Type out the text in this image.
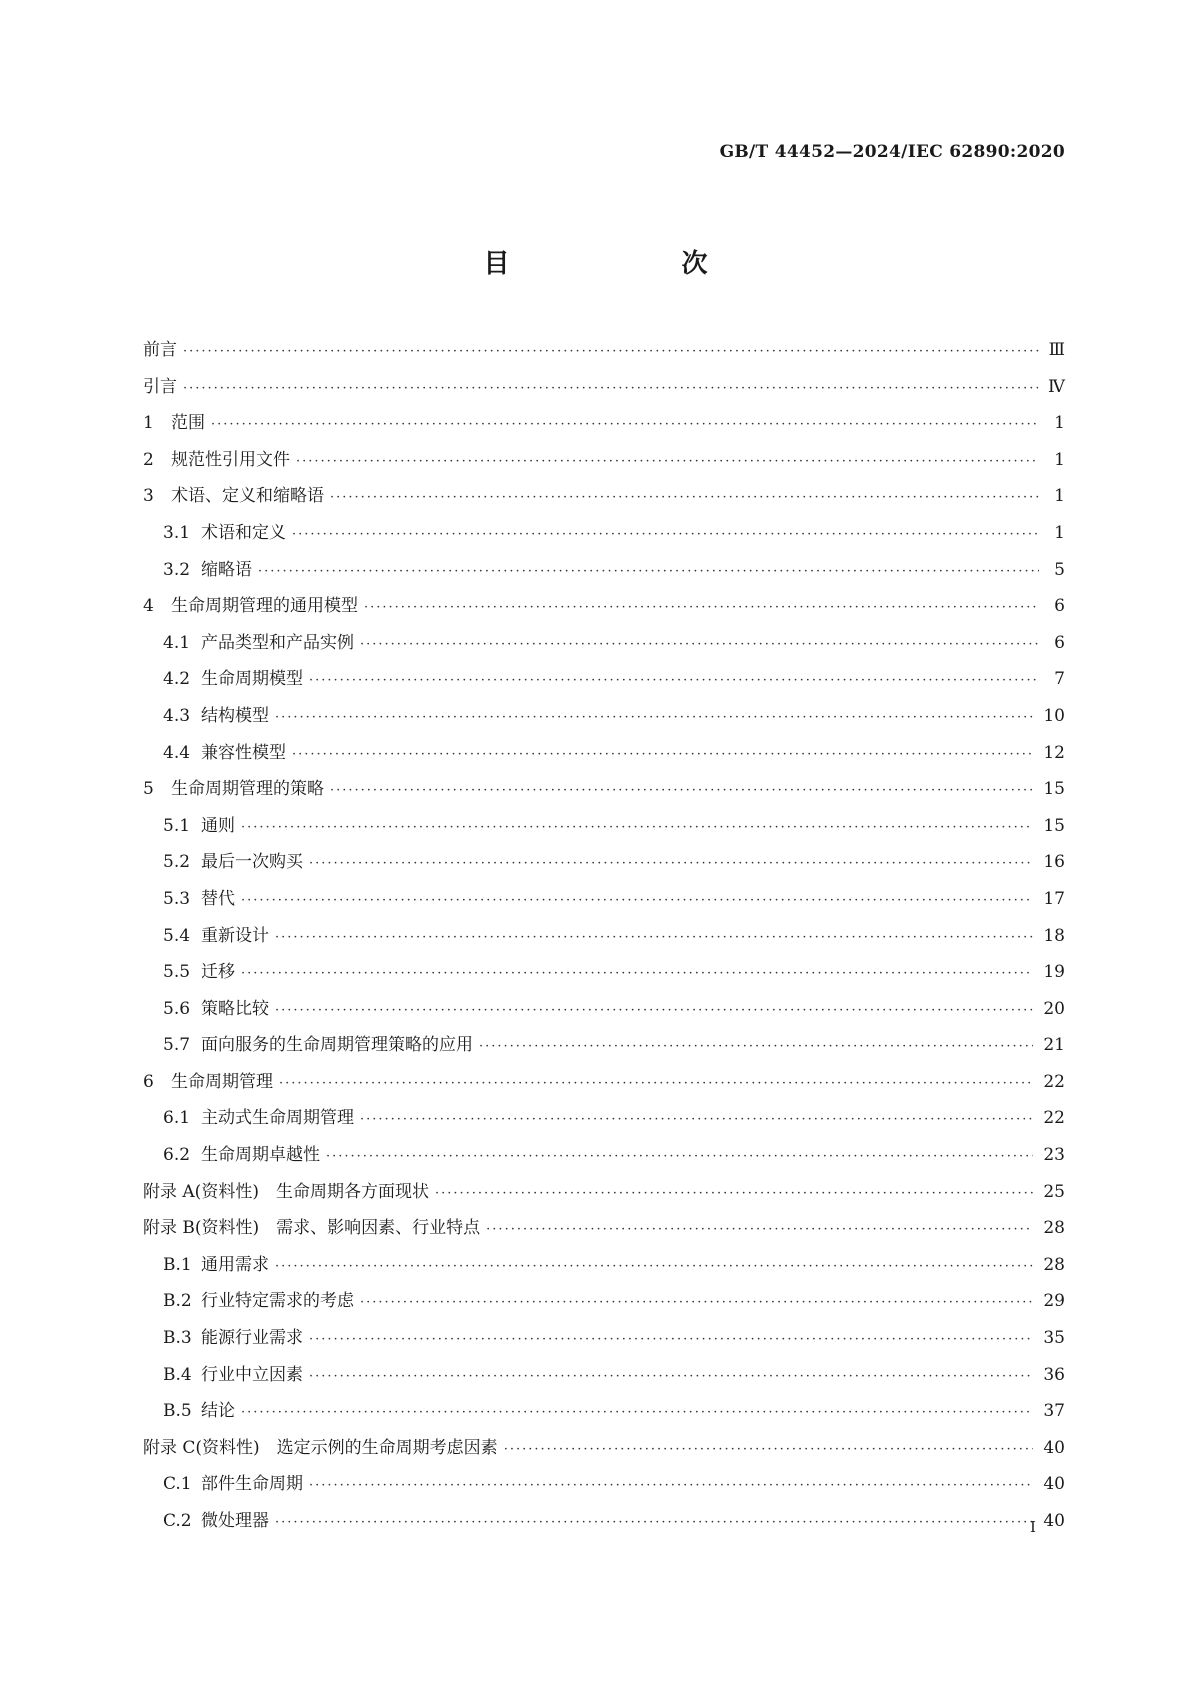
GB/T 44452—2024/IEC 62890:2020

目　　次
前言 ·····	Ⅲ
引言 ·····	Ⅳ
1	范围 ·····	1
2	规范性引用文件 ·····	1
3	术语、定义和缩略语 ·····	1
3.1 术语和定义 ·····	1
3.2 缩略语 ·····	5
4	生命周期管理的通用模型 ·····	6
4.1 产品类型和产品实例 ·····	6
4.2 生命周期模型 ·····	7
4.3 结构模型 ·····	10
4.4 兼容性模型 ·····	12
5	生命周期管理的策略 ·····	15
5.1 通则 ·····	15
5.2 最后一次购买 ·····	16
5.3 替代 ·····	17
5.4 重新设计 ·····	18
5.5 迁移 ·····	19
5.6 策略比较 ·····	20
5.7 面向服务的生命周期管理策略的应用 ·····	21
6	生命周期管理 ·····	22
6.1 主动式生命周期管理 ·····	22
6.2 生命周期卓越性 ·····	23
附录 A(资料性)　生命周期各方面现状 ·····	25
附录 B(资料性)　需求、影响因素、行业特点 ·····	28
B.1 通用需求 ·····	28
B.2 行业特定需求的考虑 ·····	29
B.3 能源行业需求 ·····	35
B.4 行业中立因素 ·····	36
B.5 结论 ·····	37
附录 C(资料性)　选定示例的生命周期考虑因素 ·····	40
C.1 部件生命周期 ·····	40
C.2 微处理器 ·····	40

Ⅰ
